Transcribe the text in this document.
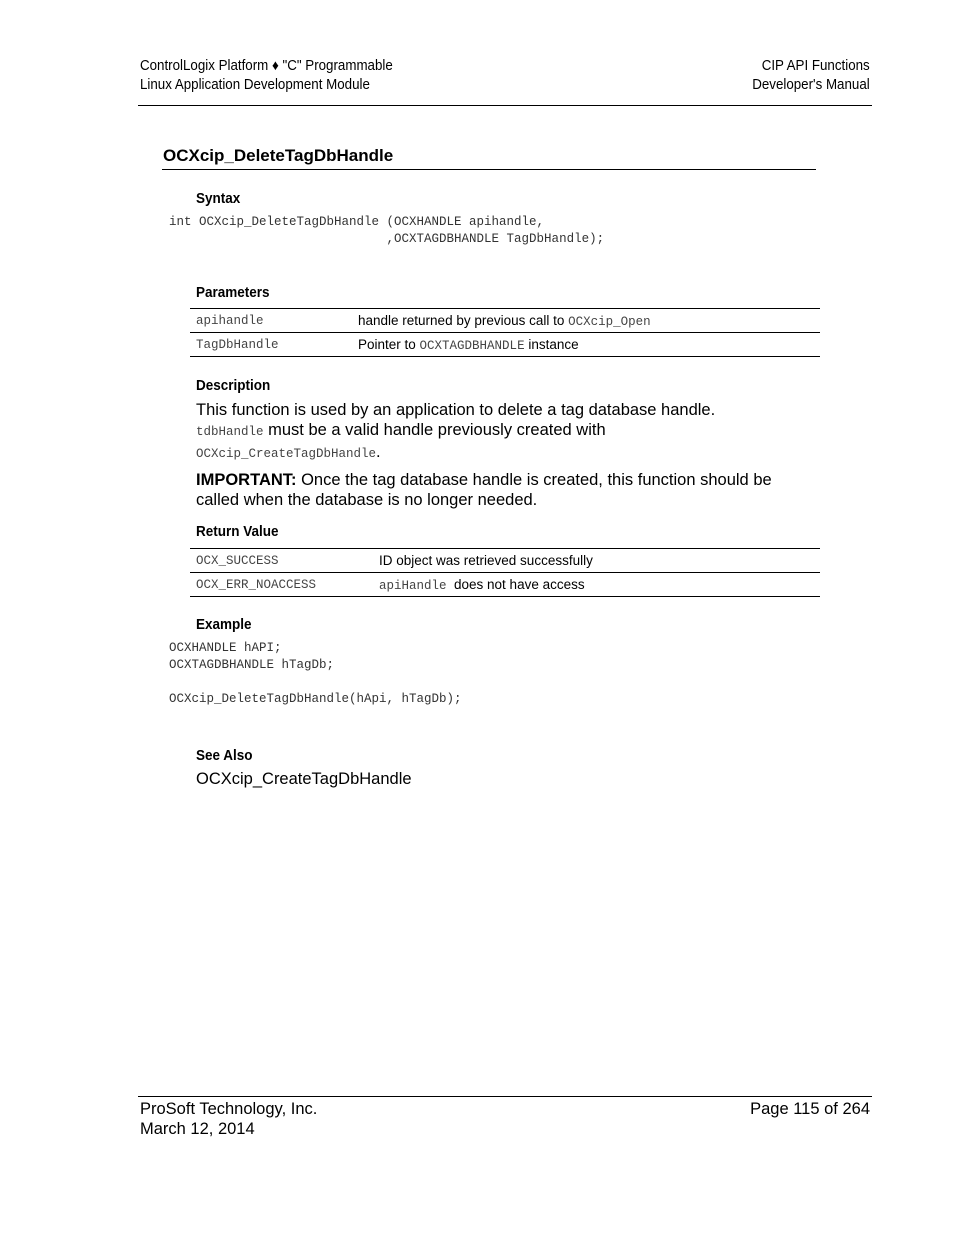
ControlLogix Platform ♦ "C" Programmable
Linux Application Development Module
CIP API Functions
Developer's Manual
OCXcip_DeleteTagDbHandle
Syntax
int OCXcip_DeleteTagDbHandle (OCXHANDLE apihandle,
,OCXTAGDBHANDLE TagDbHandle);
Parameters
apihandle	handle returned by previous call to OCXcip_Open
TagDbHandle	Pointer to OCXTAGDBHANDLE instance
Description

This function is used by an application to delete a tag database handle.

tdbHandle must be a valid handle previously created with

OCXcip_CreateTagDbHandle.

IMPORTANT: Once the tag database handle is created, this function should be called when the database is no longer needed.

Return Value
OCX_SUCCESS	ID object was retrieved successfully
OCX_ERR_NOACCESS	apiHandle  does not have access
Example
OCXHANDLE hAPI;
OCXTAGDBHANDLE hTagDb;
OCXcip_DeleteTagDbHandle(hApi, hTagDb);
See Also
OCXcip_CreateTagDbHandle
ProSoft Technology, Inc.
March 12, 2014
Page 115 of 264
